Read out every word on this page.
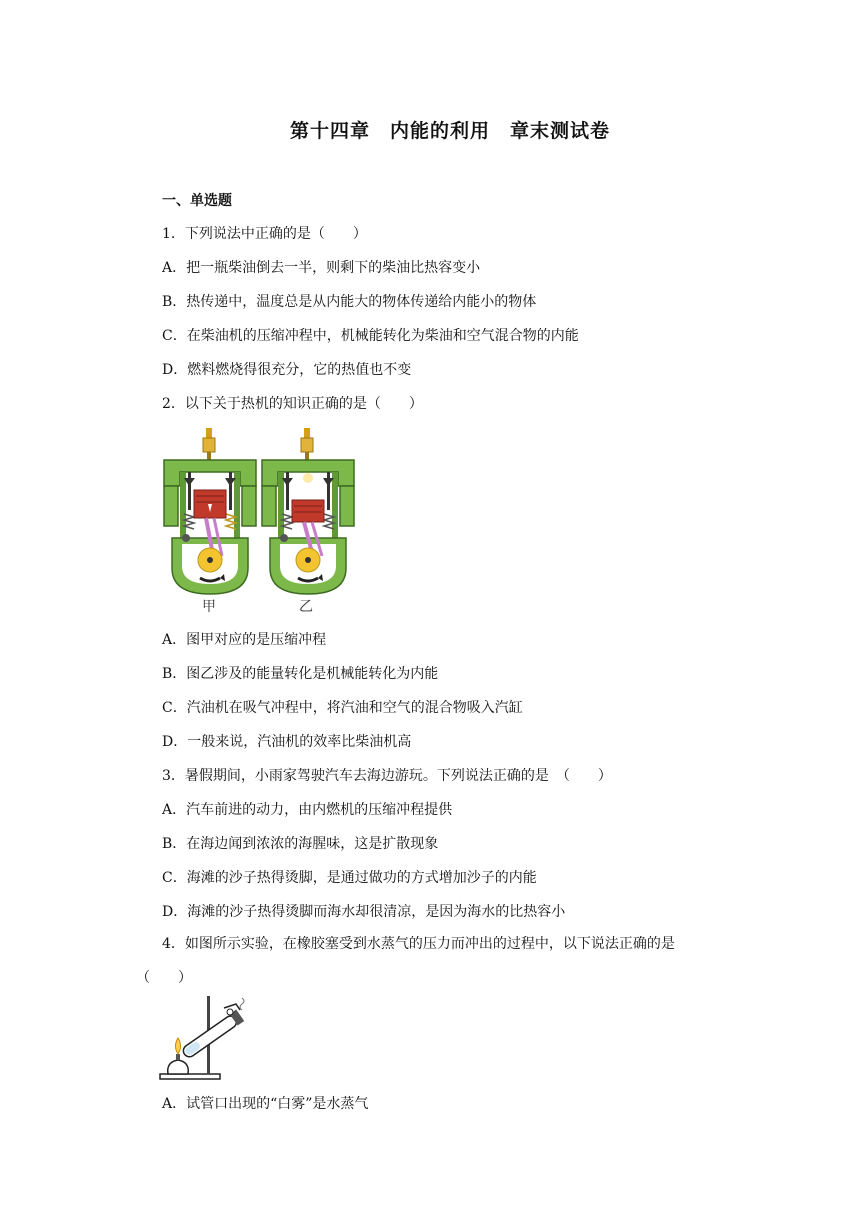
第十四章　内能的利用　章末测试卷
一、单选题
1．下列说法中正确的是（　　）
A．把一瓶柴油倒去一半，则剩下的柴油比热容变小
B．热传递中，温度总是从内能大的物体传递给内能小的物体
C．在柴油机的压缩冲程中，机械能转化为柴油和空气混合物的内能
D．燃料燃烧得很充分，它的热值也不变
2．以下关于热机的知识正确的是（　　）
甲	乙
A．图甲对应的是压缩冲程
B．图乙涉及的能量转化是机械能转化为内能
C．汽油机在吸气冲程中，将汽油和空气的混合物吸入汽缸
D．一般来说，汽油机的效率比柴油机高
3．暑假期间，小雨家驾驶汽车去海边游玩。下列说法正确的是　（　　）
A．汽车前进的动力，由内燃机的压缩冲程提供
B．在海边闻到浓浓的海腥味，这是扩散现象
C．海滩的沙子热得烫脚，是通过做功的方式增加沙子的内能
D．海滩的沙子热得烫脚而海水却很清凉，是因为海水的比热容小
4．如图所示实验，在橡胶塞受到水蒸气的压力而冲出的过程中，以下说法正确的是
（　　）
A．试管口出现的“白雾”是水蒸气
